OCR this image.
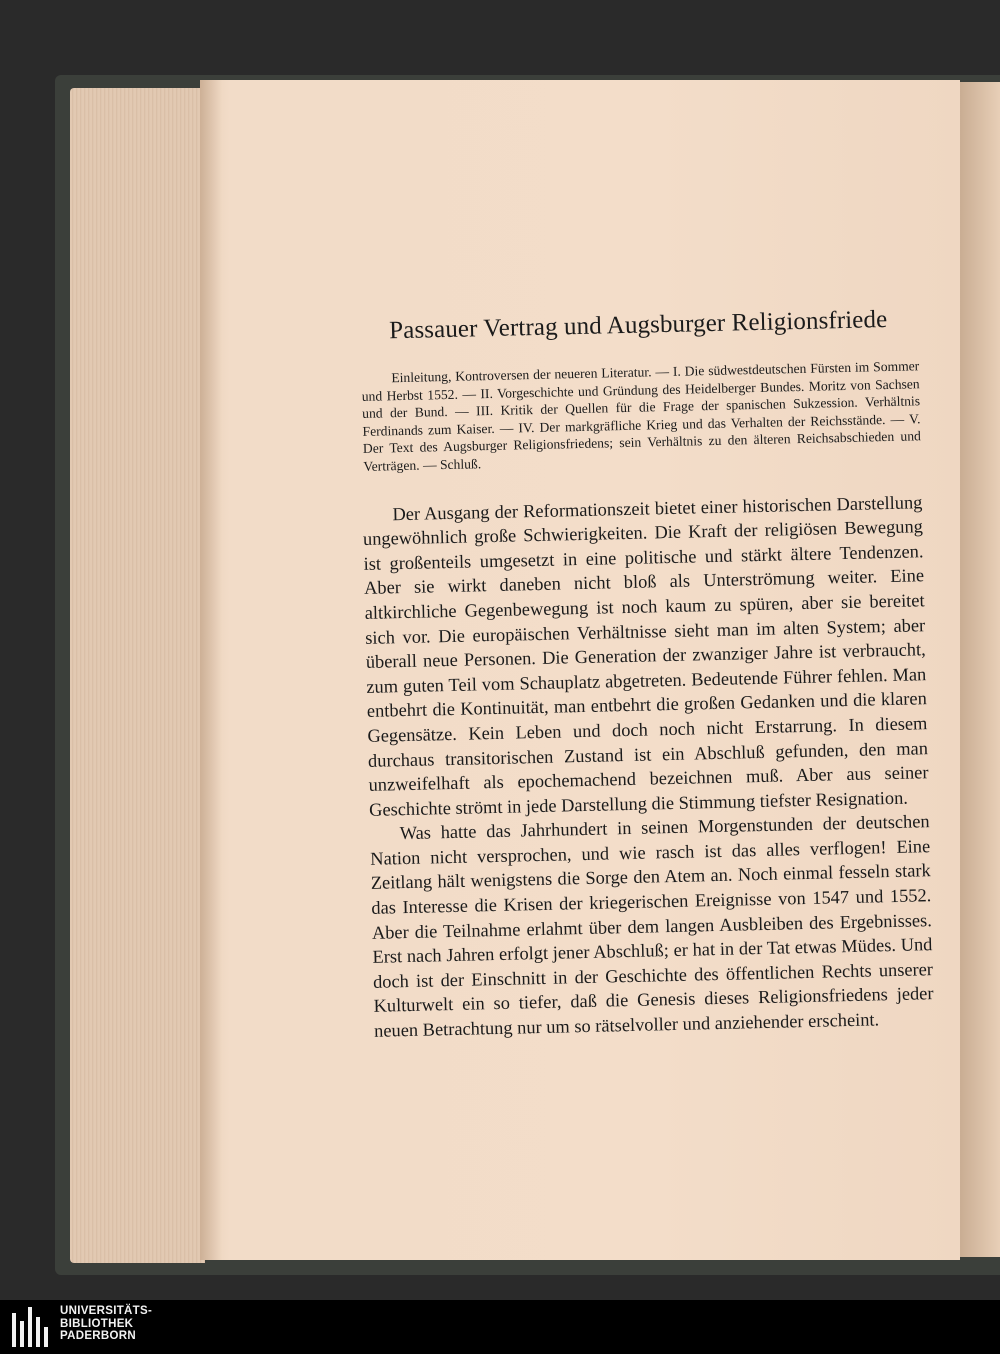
Passauer Vertrag und Augsburger Religionsfriede

Einleitung, Kontroversen der neueren Literatur. — I. Die südwestdeutschen Fürsten im Sommer und Herbst 1552. — II. Vorgeschichte und Gründung des Heidelberger Bundes. Moritz von Sachsen und der Bund. — III. Kritik der Quellen für die Frage der spanischen Sukzession. Verhältnis Ferdinands zum Kaiser. — IV. Der markgräfliche Krieg und das Verhalten der Reichsstände. — V. Der Text des Augsburger Religionsfriedens; sein Verhältnis zu den älteren Reichsabschieden und Verträgen. — Schluß.

Der Ausgang der Reformationszeit bietet einer historischen Darstellung ungewöhnlich große Schwierigkeiten. Die Kraft der religiösen Bewegung ist großenteils umgesetzt in eine politische und stärkt ältere Tendenzen. Aber sie wirkt daneben nicht bloß als Unterströmung weiter. Eine altkirchliche Gegenbewegung ist noch kaum zu spüren, aber sie bereitet sich vor. Die europäischen Verhältnisse sieht man im alten System; aber überall neue Personen. Die Generation der zwanziger Jahre ist verbraucht, zum guten Teil vom Schauplatz abgetreten. Bedeutende Führer fehlen. Man entbehrt die Kontinuität, man entbehrt die großen Gedanken und die klaren Gegensätze. Kein Leben und doch noch nicht Erstarrung. In diesem durchaus transitorischen Zustand ist ein Abschluß gefunden, den man unzweifelhaft als epochemachend bezeichnen muß. Aber aus seiner Geschichte strömt in jede Darstellung die Stimmung tiefster Resignation.

Was hatte das Jahrhundert in seinen Morgenstunden der deutschen Nation nicht versprochen, und wie rasch ist das alles verflogen! Eine Zeitlang hält wenigstens die Sorge den Atem an. Noch einmal fesseln stark das Interesse die Krisen der kriegerischen Ereignisse von 1547 und 1552. Aber die Teilnahme erlahmt über dem langen Ausbleiben des Ergebnisses. Erst nach Jahren erfolgt jener Abschluß; er hat in der Tat etwas Müdes. Und doch ist der Einschnitt in der Geschichte des öffentlichen Rechts unserer Kulturwelt ein so tiefer, daß die Genesis dieses Religionsfriedens jeder neuen Betrachtung nur um so rätselvoller und anziehender erscheint.

UNIVERSITÄTS-
BIBLIOTHEK
PADERBORN
